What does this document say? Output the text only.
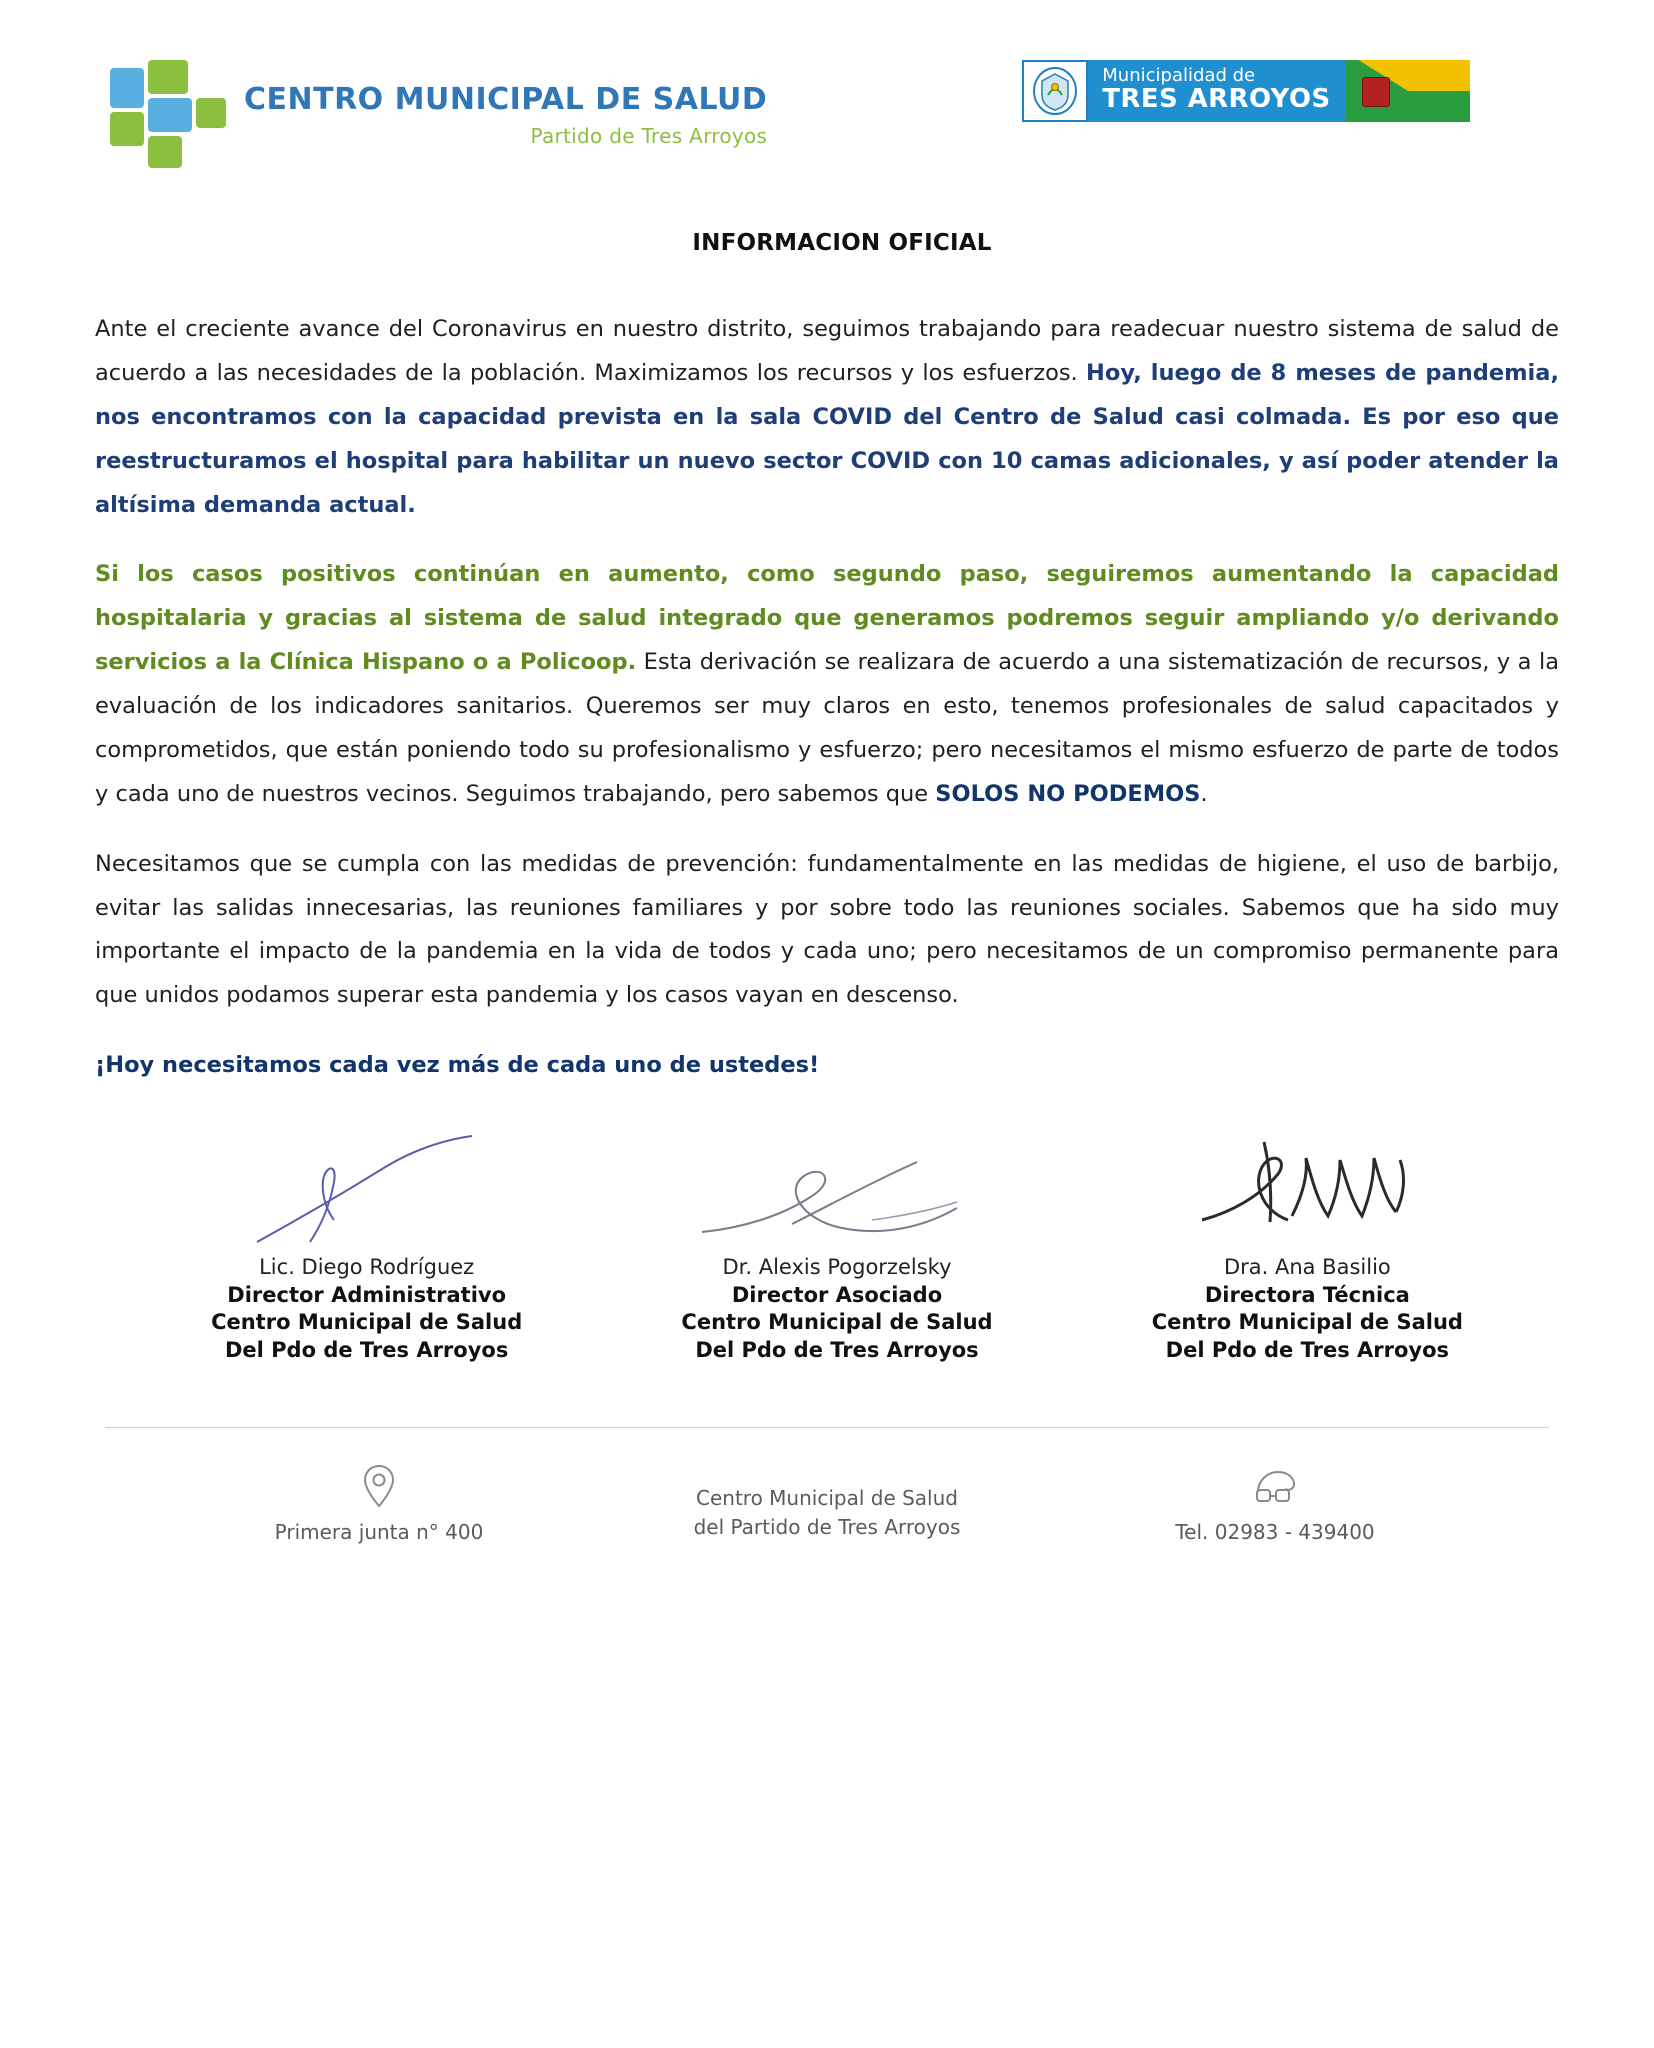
CENTRO MUNICIPAL DE SALUD
Partido de Tres Arroyos
Municipalidad de
TRES ARROYOS
INFORMACION OFICIAL

Ante el creciente avance del Coronavirus en nuestro distrito, seguimos trabajando para readecuar nuestro sistema de salud de acuerdo a las necesidades de la población. Maximizamos los recursos y los esfuerzos. Hoy, luego de 8 meses de pandemia, nos encontramos con la capacidad prevista en la sala COVID del Centro de Salud casi colmada. Es por eso que reestructuramos el hospital para habilitar un nuevo sector COVID con 10 camas adicionales, y así poder atender la altísima demanda actual.

Si los casos positivos continúan en aumento, como segundo paso, seguiremos aumentando la capacidad hospitalaria y gracias al sistema de salud integrado que generamos podremos seguir ampliando y/o derivando servicios a la Clínica Hispano o a Policoop. Esta derivación se realizara de acuerdo a una sistematización de recursos, y a la evaluación de los indicadores sanitarios. Queremos ser muy claros en esto, tenemos profesionales de salud capacitados y comprometidos, que están poniendo todo su profesionalismo y esfuerzo; pero necesitamos el mismo esfuerzo de parte de todos y cada uno de nuestros vecinos. Seguimos trabajando, pero sabemos que SOLOS NO PODEMOS.

Necesitamos que se cumpla con las medidas de prevención: fundamentalmente en las medidas de higiene, el uso de barbijo, evitar las salidas innecesarias, las reuniones familiares y por sobre todo las reuniones sociales. Sabemos que ha sido muy importante el impacto de la pandemia en la vida de todos y cada uno; pero necesitamos de un compromiso permanente para que unidos podamos superar esta pandemia y los casos vayan en descenso.

¡Hoy necesitamos cada vez más de cada uno de ustedes!

Lic. Diego Rodríguez
Director Administrativo
Centro Municipal de Salud
Del Pdo de Tres Arroyos
Dr. Alexis Pogorzelsky
Director Asociado
Centro Municipal de Salud
Del Pdo de Tres Arroyos
Dra. Ana Basilio
Directora Técnica
Centro Municipal de Salud
Del Pdo de Tres Arroyos
Primera junta n° 400
Centro Municipal de Salud
del Partido de Tres Arroyos	Tel. 02983 - 439400
